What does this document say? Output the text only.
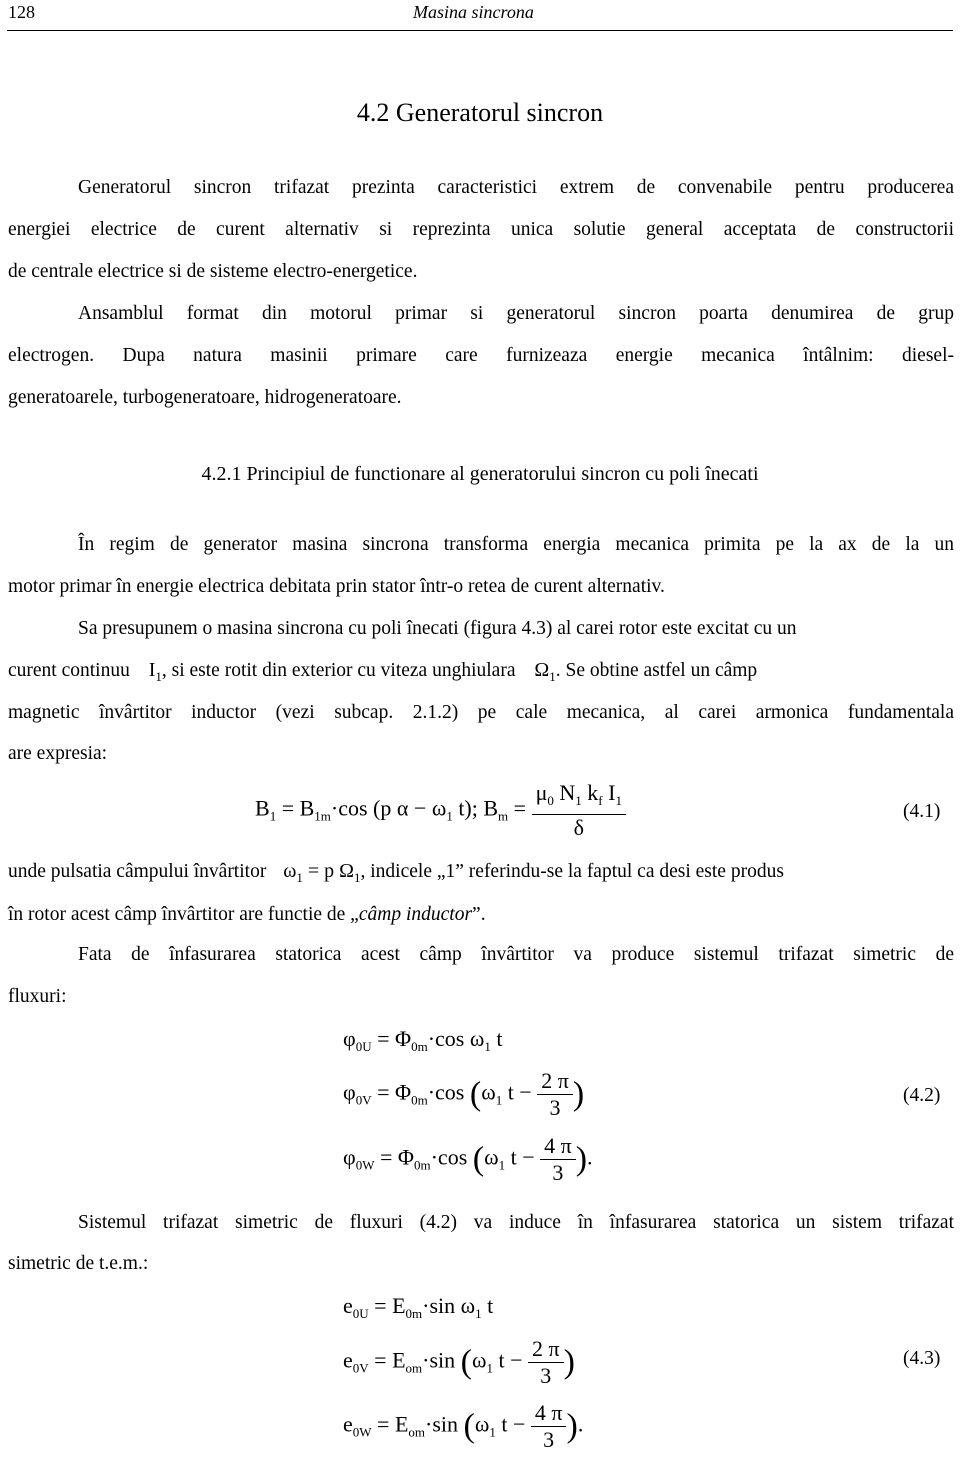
128	Masina sincrona
4.2 Generatorul sincron
Generatorul sincron trifazat prezinta caracteristici extrem de convenabile pentru producerea
energiei electrice de curent alternativ si reprezinta unica solutie general acceptata de constructorii
de centrale electrice si de sisteme electro-energetice.
Ansamblul format din motorul primar si generatorul sincron poarta denumirea de grup
electrogen. Dupa natura masinii primare care furnizeaza energie mecanica întâlnim: diesel-
generatoarele, turbogeneratoare, hidrogeneratoare.
4.2.1 Principiul de functionare al generatorului sincron cu poli înecati
În regim de generator masina sincrona transforma energia mecanica primita pe la ax de la un
motor primar în energie electrica debitata prin stator într-o retea de curent alternativ.
Sa presupunem o masina sincrona cu poli înecati (figura 4.3) al carei rotor este excitat cu un
curent continuu $I_1$, si este rotit din exterior cu viteza unghiulara $\Omega_1$. Se obtine astfel un câmp
magnetic învârtitor inductor (vezi subcap. 2.1.2) pe cale mecanica, al carei armonica fundamentala
are expresia:
$B_1 = B_{1m}\cdot\cos$ (p $\alpha - \omega_1$ t); $B_m = \frac{\mu_0 N_1 k_f I_1}{\delta}$	(4.1)
unde pulsatia câmpului învârtitor $\omega_1 = p$ $\Omega_1$, indicele „1” referindu-se la faptul ca desi este produs
în rotor acest câmp învârtitor are functie de „câmp inductor”.
Fata de înfasurarea statorica acest câmp învârtitor va produce sistemul trifazat simetric de
fluxuri:
$\varphi_{0U} = \Phi_{0m}\cdot\cos$ $\omega_1$ t
$\varphi_{0V} = \Phi_{0m}\cdot\cos$ ($\omega_1$ $t - \frac{2 \pi}{3}$ )	(4.2)
$\varphi_{0W} = \Phi_{0m}\cdot\cos$ ($\omega_1$ $t - \frac{4 \pi}{3}$ ).
Sistemul trifazat simetric de fluxuri (4.2) va induce în înfasurarea statorica un sistem trifazat
simetric de t.e.m.:
$e_{0U} = E_{0m}\cdot\sin$ $\omega_1$ t
$e_{0V} = E_{om}\cdot\sin$ ($\omega_1$ $t - \frac{2 \pi}{3}$ )	(4.3)
$e_{0W} = E_{om}\cdot\sin$ ($\omega_1$ $t - \frac{4 \pi}{3}$ ).
